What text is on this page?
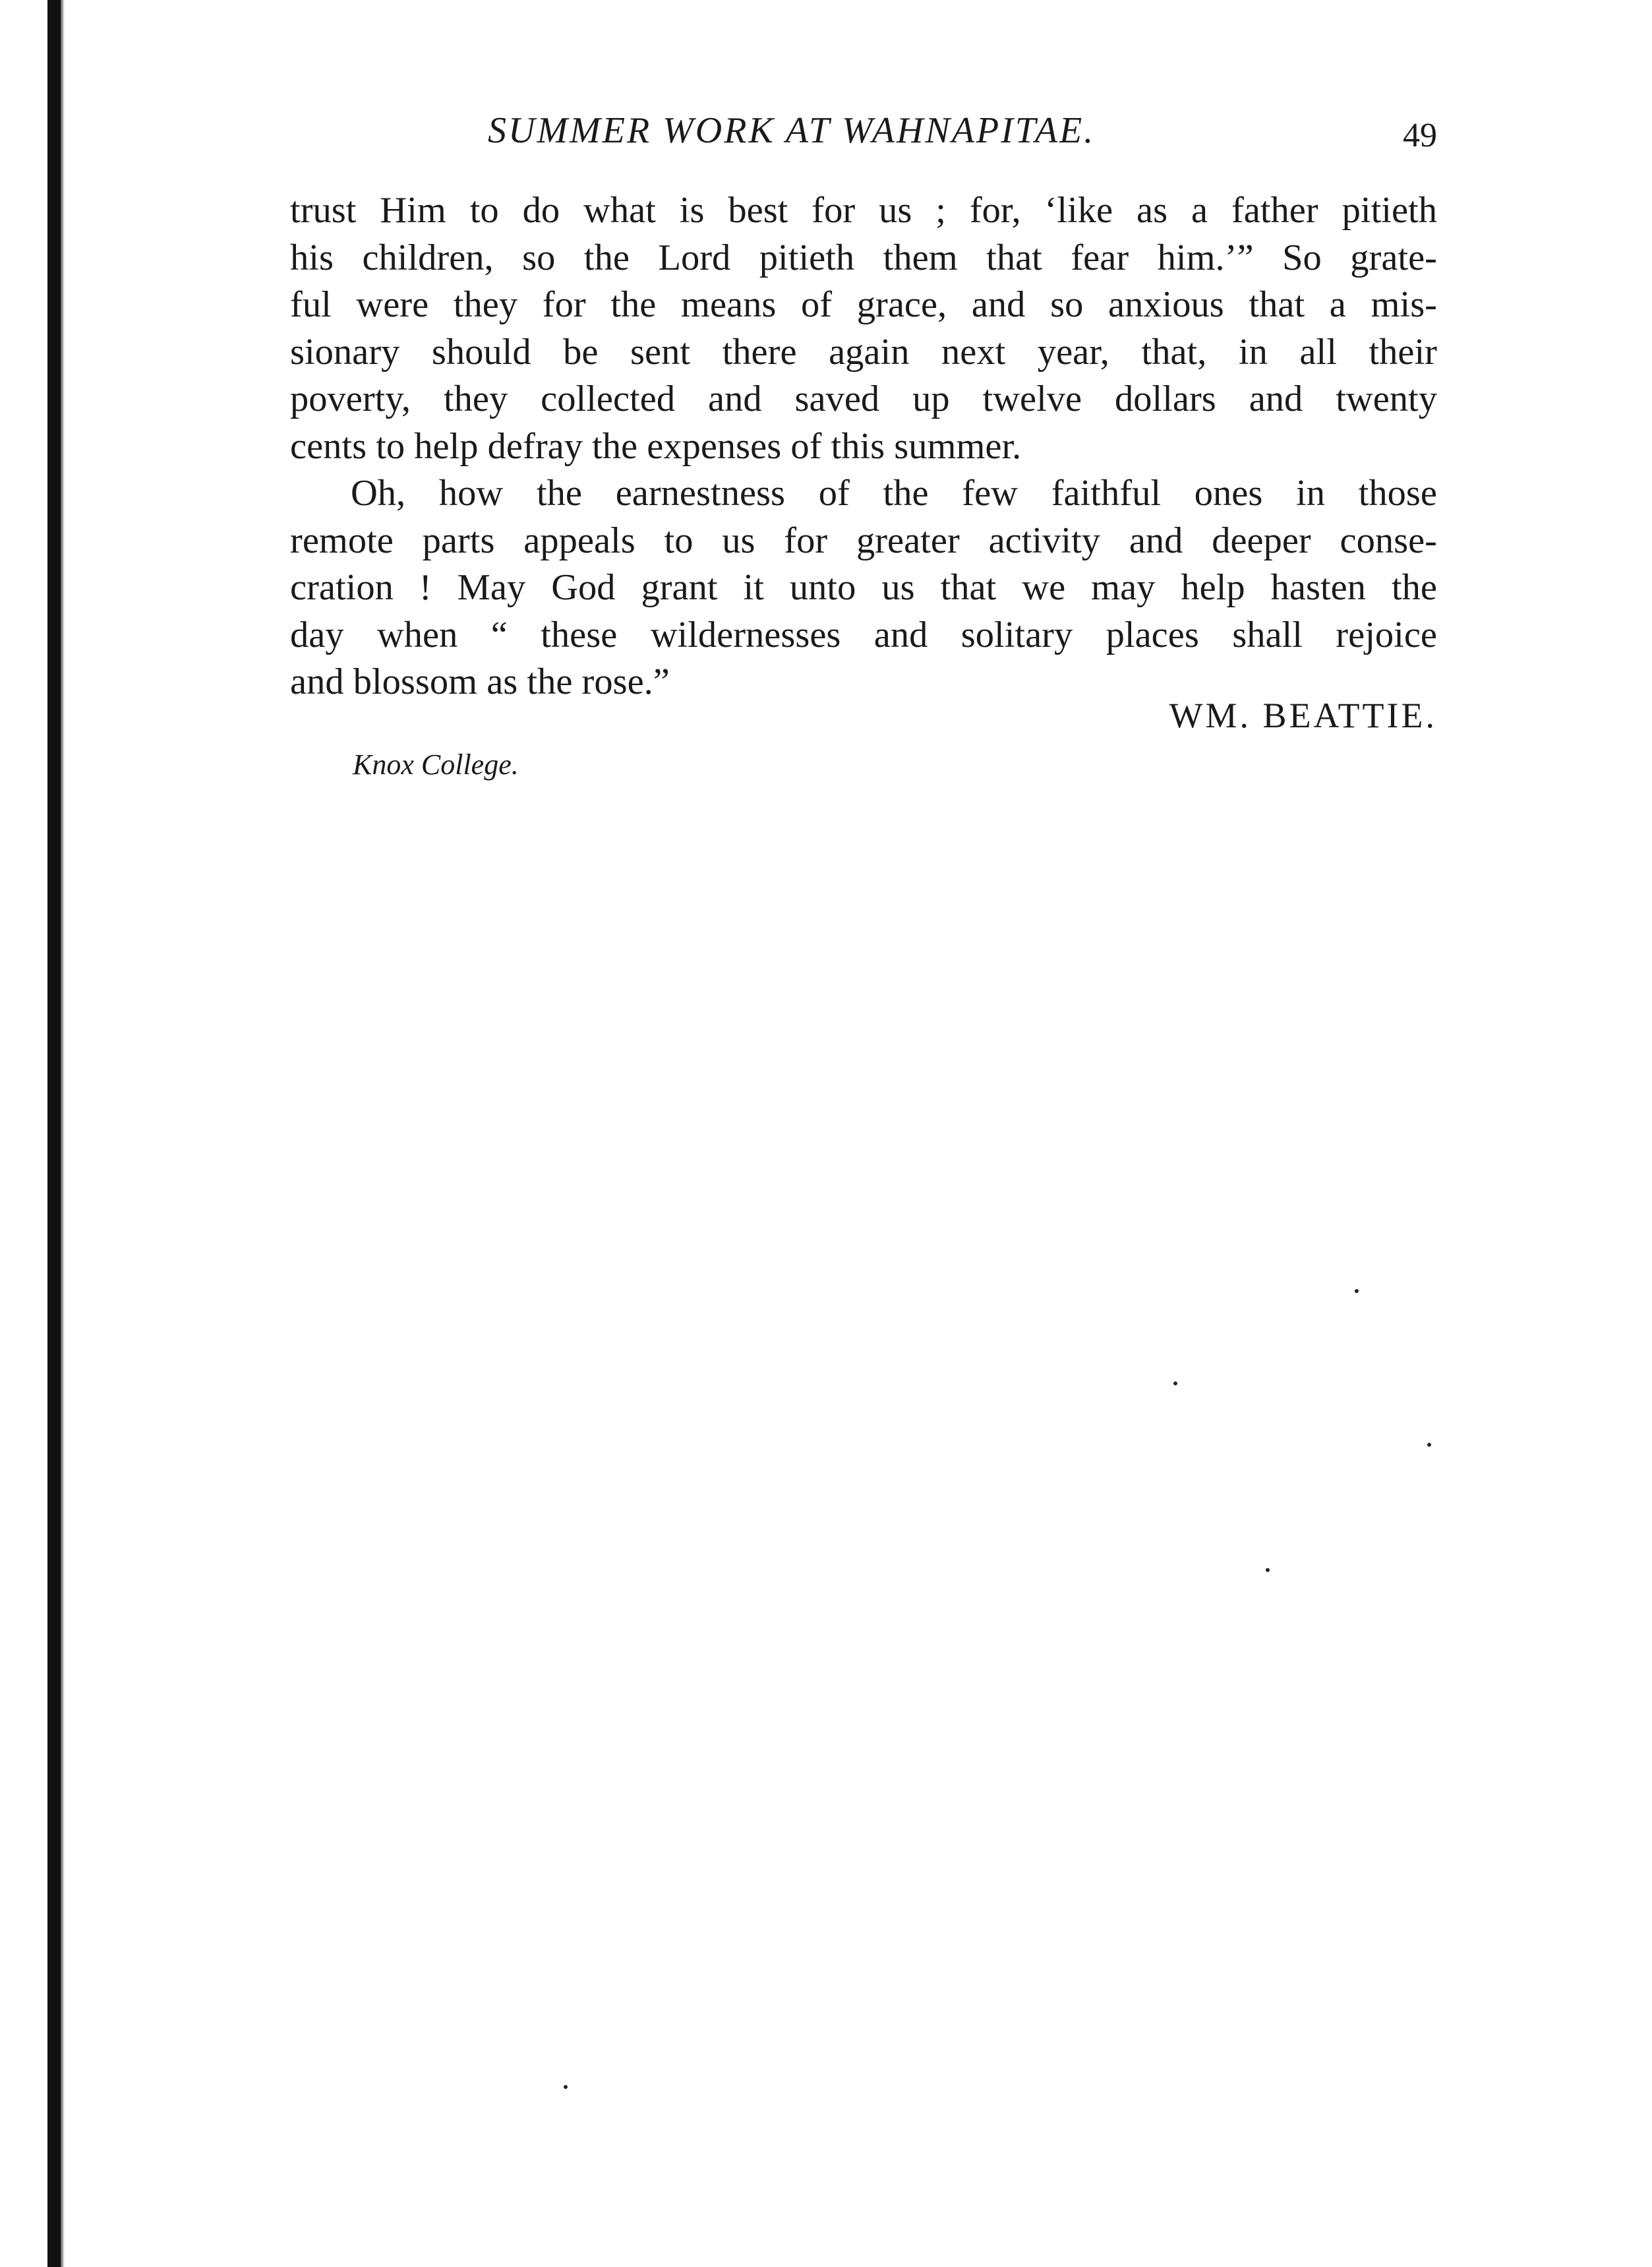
SUMMER WORK AT WAHNAPITAE.	49
trust Him to do what is best for us ; for, ‘like as a father pitieth
his children, so the Lord pitieth them that fear him.’” So grate-
ful were they for the means of grace, and so anxious that a mis-
sionary should be sent there again next year, that, in all their
poverty, they collected and saved up twelve dollars and twenty
cents to help defray the expenses of this summer.
Oh, how the earnestness of the few faithful ones in those
remote parts appeals to us for greater activity and deeper conse-
cration ! May God grant it unto us that we may help hasten the
day when “ these wildernesses and solitary places shall rejoice
and blossom as the rose.”
WM. BEATTIE.
Knox College.
